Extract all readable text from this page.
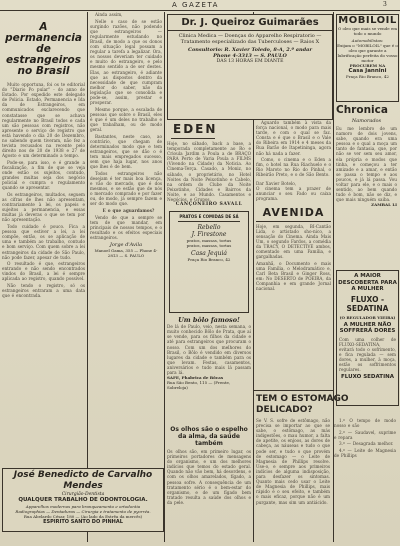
A GAZETA	3
A permanencia de estrangeiros no Brasil

Muito opportuna, foi os te editorial do "Diario Po pular" - do anno de Estado. Por expedido este delegado de Policia. Estado, Permanencia e Ida da de Estrangeiros, em communicados exclarecendo que constatasse que se achava regularmente no Brasil todos e cada um são pessoas com registros, não apresente o serviço de registro que está havendo o dia 20 de Dezembro, no sabendo quem tiveram, não fez a tevista recusados na recente pelo direito nos de 20 de 1938 e 27 de Agosto e um determinado a tempo.

Pode-se, para isso, e é grande a fiscalização, a fim de que se veja onde estão os sujeitos, contudo, grandes multas seja dos negócio policial e cumpra o regulamento quando se apresentar.

Os estrangeiros, multados, seguem as cifras de lhes não apresentam, contrariamente à lei, os papeis e sujeitos a permanencia, e essas multas já deveras o que se tem por não apresentação.

Todo cuidado é pouco. Fica a pessoa que estiver a lei, a lei compõe, então, os se aplicação de uma e também ao trabalho, contudo e bom serviço. Com quem sobre a lei estrangeiros da cidade de São Paulo, não pode fazer, apesar de tudo.

O resultado é que, estrangeiros entrando e não sendo encontrados vindos do Brasil, a lei é sempre aplicada ao registro, quando possível.

Não tendo o registro, só os estrangeiros entraram a uma data que é encontrada.

José Benedicto de Carvalho Mendes
Cirurgião-Dentista
QUALQUER TRABALHO DE ODONTOLOGIA.
Apparelhos modernos para branqueamento e ortodontia
Radiographias — Dentaduras — Cirurgia e tratamento de pyorréa.
Rua Abelardo César, 180 — (Ao lado da Estrêa da mercês)
ESPIRITO SANTO DO PINHAL

Ainda assim,

Nelle o caso de se estão surgindo razões, não podendo que estrangeiros — regularmente estudando no Brasil, de modo a que os donos com situação legal possam a regular a tarefa a legalizar. Ora, os nossos deveriam ter cuidado e muito do estrangeiro, e pelo mesmo sentido a de ser destes. Elas, ao estrangeiro, é adiante que as dispostos dentro da necessidade de que cumpram melhor do saber, não da legislação que se consolida e pode-se, assim, prestar e prosperar.

Mesmo porque, a escalada de pessoas que sobre o Brasil, eles é que é um deles no trabalho e que trabalham, ou de modo geral.

Bastantes, neste caso, ao contrário, que chegam de determinados modo que e tem estrangeiros, que se dão o é tem mais empregados sucesso, sem que haja lugar, nos anos que lhes é de bem.

Todos estrangeiros não desejam é ter mais boa licença, e vão do mercado, que é dos mesmos, e se estão que de nós o mercado comprado e por fazer ou, de modo, já sempre fazem e ser do modo que.

E o que aguardamos?

Vendo de que a sempre se tem de que mandar, em principais de nossos tempos, e o resultado e os efeitos especiais estrangeiros.

Jorge d'Avila
Manoel Gama, 355 — Phone 4-2813 — S. PAULO
Os olhos são o espelho da alma, da saúde também
Os olhos são, em primeiro lugar, os primeiros portadores de mensagens do organismo, e um dos melhores indícios que temos do estado geral. Quando não vão bem, há desordens, e com os olhos amarelados, fígado, a pessoa sofre. A consequência de um tratamento sério é o bem-estar do organismo, e de um fígado bem tratado resulta a saúde dos olhos e da pele.
Dr. J. Queiroz Guimarães
Clinica Medica — Doenças do Apparelho Respiratorio — Tratamento especializado das Tuberculoses — Raios X
Consultorio: R. Xavier Toledo, 8-A, 2.º andar
Phone 4-3313 — S. PAULO
DAS 13 HORAS EM DIANTE
EDEN
Hoje, no sábado, back a base, a temporada completamente ao Ro e Crioula Jardim a Poula a de BRAÇO PARA Perto de Varia Poula a FILMS (Vivendo na Cidade) da Noticia. Ao Cinema-Terça. Casado, a Moniz, no sábado, o proprietário, no Hotel Noites da Noite Peixotinho e Cabelo, na ordem do Clube da Noite Peixotinho, Cidades e Bairros da Noite, e ao Mundo. Casamentos e Negócios, e Grupos.
CANÇONEIRO SAVALL
PRATOS E COMIDAS DE SÁ
Rebello
J. Firestone
pratos, massas, tortas
pratos, massas, tortas
Casa Jequiá
Praça Rio Branco, 42
Um bôlo famoso!
De lá de Paulo, veio, nesta semana, o muito conhecido Bôlo de Prata, que aí se vende, para os filhos da cidade e até para estrangeiros que procuram o nosso. Com um dos melhores do Brasil, o Bôlo é vendido em diversos lugares da cidade e também para os que levam. Festas, casamentos, aniversários e tudo mais lá passam para lá.
SAFE, Phabrica de Bôcas
Rua São Bento, 115 — (Frente, Sobreloja)

Aguardo também à vista da força nacional, o modo para mais tarde, e com o qual se faz. Consta e é que o Brasil e o Vale do Ribeira em 1914 e 4 meses da Rua Barão de Itapetininga, agora não há nada a fazer.

Como, o cinema e o Eden a fim, o hotel na Rua Riachuelo e o Rio Maroto no Rio do Pinhal, o Ribeirão Preto, e o de São Bento.

Dar Xavier Botelo,
O cinema tem a prazer de anunciar o seu Fado ou caixa programa.
AVENIDA
Hoje, em segunda, BI-Cantão Lida, o artistado sho-nico, a sensação do Cinema. Ainda Mais Um, o segundo Fardos, a comédia da TRACY, O DETECTIVE ambos, comentado em uma Família, e gargalhadas.
Amanhã, o Documento e mais uma Família, o Melodramático e, Carl Beta Brasil e Ginger Ross, em: No DESERTO de POEIRA, da Companhia e em grande Jornal nacional.
TEM O ESTOMAGO DELICADO?
Se V. S. sofre de estômago, não precisa se importar ao que se sabe, o estômago, as más indigestões, o mau humor, a falta de apetite, os enjoos, as dores de cabeça, as náuseas e tudo o que pode ser, e tudo o que provém de estomago — o Leite de Magnesia de Phillips resolve. Use-o, e sempre aos primeiros indícios de alguma indisposição, para desfazer os sintomas. Quanto mais cedo usar o Leite de Magnesia de Phillips, mais rápido é o seu efeito, e também o mais eficaz, porque não é um purgante, mas sim um antiácido.

1.º O tempo de modo nosso e são

2.º — Saudavel, suprime e repara

3.º — Desagrada melhor.

4.º — Leite de Magnesia de Phillips

MOBILOIL
O oleo que mais se vende em todo o mundo
Automobilistas:
Exijam o "MOBILOIL" que é o oleo que garante a lubrificação perfeita do vosso motor
PROCUREM NA
Casa Jannini
Praça Rio Branco, 42
Chronica
Namorados
Eu me lembro de um namoro de dois jovens, sabe, quando era uma pessoa e o qual a moça um tanto de fantasia, que, por não se ver sem seu amor, ela própria e modos que tinha, e começou a ter amizade e a amar, e então se passa o tempo e aos poucos, e já lá passa. Vou voltar para ele, e o mais o sentido, ao bem quando tudo é bom, não se diz, e que mais ninguém saiba.
ZAMBAL LI
A MAIOR DESCOBERTA PARA A MULHER
FLUXO - SEDATINA
(O REGULADOR VIEIRA)
A MULHER NÃO SOFFRERÁ DORES
Com uma colher de FLUXO-SEDATINA, evitará todo o sofrimento, e fica regulada — sem dores, a mulher, à moça, estão os soffrimentos regulares.
FLUXO SEDATINA
